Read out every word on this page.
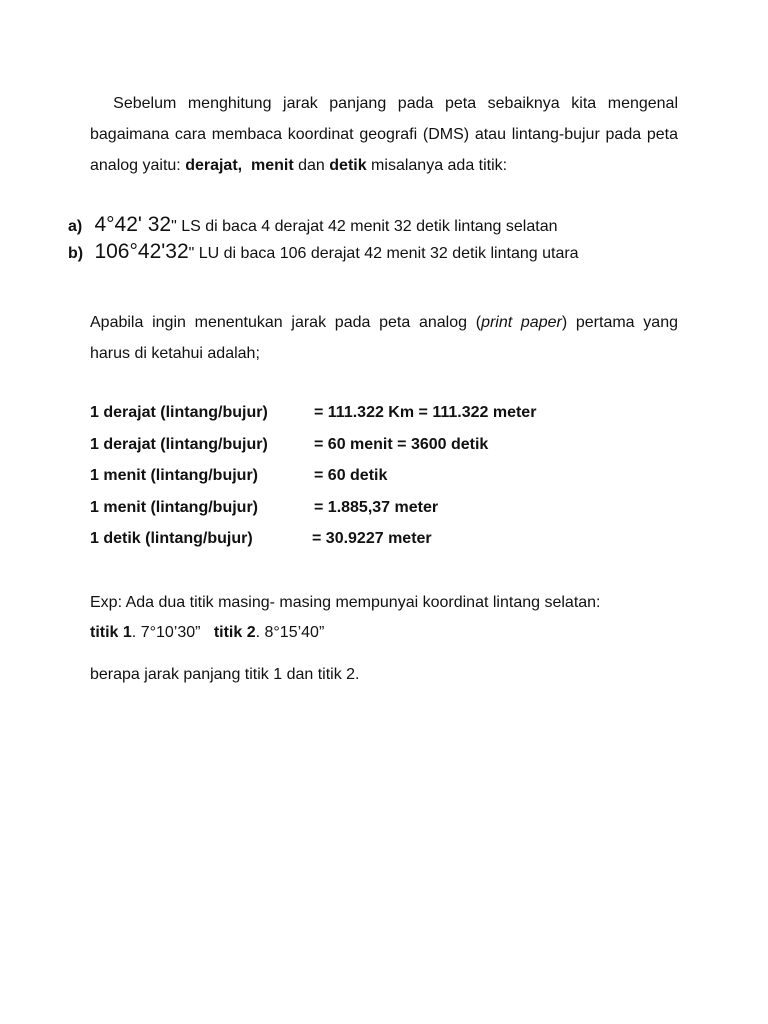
Sebelum menghitung jarak panjang pada peta sebaiknya kita mengenal bagaimana cara membaca koordinat geografi (DMS) atau lintang-bujur pada peta analog yaitu: derajat, menit dan detik misalanya ada titik:

a) 4°42' 32" LS di baca 4 derajat 42 menit 32 detik lintang selatan
b) 106°42'32" LU di baca 106 derajat 42 menit 32 detik lintang utara

Apabila ingin menentukan jarak pada peta analog (print paper) pertama yang harus di ketahui adalah;

1 derajat (lintang/bujur)	= 111.322 Km = 111.322 meter
1 derajat (lintang/bujur)	= 60 menit = 3600 detik
1 menit (lintang/bujur)	= 60 detik
1 menit (lintang/bujur)	= 1.885,37 meter
1 detik (lintang/bujur)	= 30.9227 meter
Exp: Ada dua titik masing- masing mempunyai koordinat lintang selatan:
titik 1. 7°10’30” titik 2. 8°15’40”
berapa jarak panjang titik 1 dan titik 2.
